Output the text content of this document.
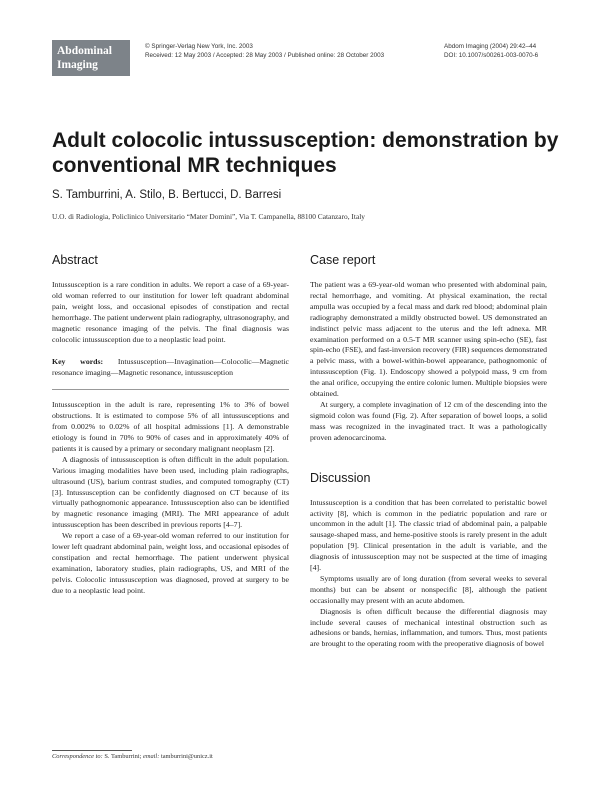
Abdominal
Imaging
© Springer-Verlag New York, Inc. 2003
Received: 12 May 2003 / Accepted: 28 May 2003 / Published online: 28 October 2003
Abdom Imaging (2004) 29:42–44
DOI: 10.1007/s00261-003-0070-6
Adult colocolic intussusception: demonstration by conventional MR techniques
S. Tamburrini, A. Stilo, B. Bertucci, D. Barresi
U.O. di Radiologia, Policlinico Universitario “Mater Domini”, Via T. Campanella, 88100 Catanzaro, Italy
Abstract

Intussusception is a rare condition in adults. We report a case of a 69-year-old woman referred to our institution for lower left quadrant abdominal pain, weight loss, and occasional episodes of constipation and rectal hemorrhage. The patient underwent plain radiography, ultrasonography, and magnetic resonance imaging of the pelvis. The final diagnosis was colocolic intussusception due to a neoplastic lead point.

Key words: Intussusception—Invagination—Colocolic—Magnetic resonance imaging—Magnetic resonance, intussusception

Intussusception in the adult is rare, representing 1% to 3% of bowel obstructions. It is estimated to compose 5% of all intussusceptions and from 0.002% to 0.02% of all hospital admissions [1]. A demonstrable etiology is found in 70% to 90% of cases and in approximately 40% of patients it is caused by a primary or secondary malignant neoplasm [2].

A diagnosis of intussusception is often difficult in the adult population. Various imaging modalities have been used, including plain radiographs, ultrasound (US), barium contrast studies, and computed tomography (CT) [3]. Intussusception can be confidently diagnosed on CT because of its virtually pathognomonic appearance. Intussusception also can be identified by magnetic resonance imaging (MRI). The MRI appearance of adult intussusception has been described in previous reports [4–7].

We report a case of a 69-year-old woman referred to our institution for lower left quadrant abdominal pain, weight loss, and occasional episodes of constipation and rectal hemorrhage. The patient underwent physical examination, laboratory studies, plain radiographs, US, and MRI of the pelvis. Colocolic intussusception was diagnosed, proved at surgery to be due to a neoplastic lead point.

Case report

The patient was a 69-year-old woman who presented with abdominal pain, rectal hemorrhage, and vomiting. At physical examination, the rectal ampulla was occupied by a fecal mass and dark red blood; abdominal plain radiography demonstrated a mildly obstructed bowel. US demonstrated an indistinct pelvic mass adjacent to the uterus and the left adnexa. MR examination performed on a 0.5-T MR scanner using spin-echo (SE), fast spin-echo (FSE), and fast-inversion recovery (FIR) sequences demonstrated a pelvic mass, with a bowel-within-bowel appearance, pathognomonic of intussusception (Fig. 1). Endoscopy showed a polypoid mass, 9 cm from the anal orifice, occupying the entire colonic lumen. Multiple biopsies were obtained.

At surgery, a complete invagination of 12 cm of the descending into the sigmoid colon was found (Fig. 2). After separation of bowel loops, a solid mass was recognized in the invaginated tract. It was a pathologically proven adenocarcinoma.

Discussion

Intussusception is a condition that has been correlated to peristaltic bowel activity [8], which is common in the pediatric population and rare or uncommon in the adult [1]. The classic triad of abdominal pain, a palpable sausage-shaped mass, and heme-positive stools is rarely present in the adult population [9]. Clinical presentation in the adult is variable, and the diagnosis of intussusception may not be suspected at the time of imaging [4].

Symptoms usually are of long duration (from several weeks to several months) but can be absent or nonspecific [8], although the patient occasionally may present with an acute abdomen.

Diagnosis is often difficult because the differential diagnosis may include several causes of mechanical intestinal obstruction such as adhesions or bands, hernias, inflammation, and tumors. Thus, most patients are brought to the operating room with the preoperative diagnosis of bowel

Correspondence to: S. Tamburrini; email: tamburrini@unicz.it
